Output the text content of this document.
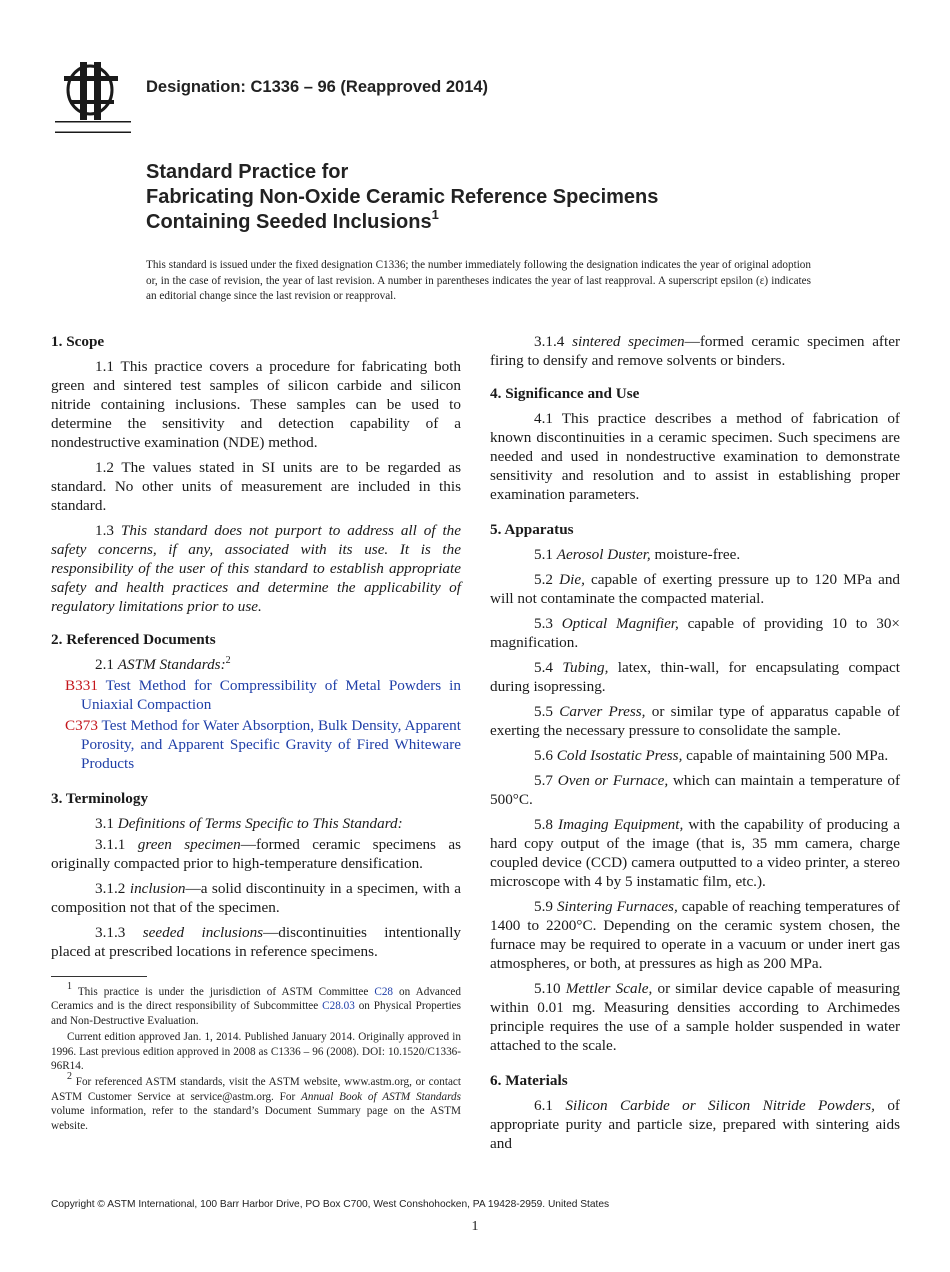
Designation: C1336 – 96 (Reapproved 2014)
Standard Practice for
Fabricating Non-Oxide Ceramic Reference Specimens
Containing Seeded Inclusions$^1$
This standard is issued under the fixed designation C1336; the number immediately following the designation indicates the year of original adoption or, in the case of revision, the year of last revision. A number in parentheses indicates the year of last reapproval. A superscript epsilon (ε) indicates an editorial change since the last revision or reapproval.
1. Scope

1.1 This practice covers a procedure for fabricating both green and sintered test samples of silicon carbide and silicon nitride containing inclusions. These samples can be used to determine the sensitivity and detection capability of a nondestructive examination (NDE) method.

1.2 The values stated in SI units are to be regarded as standard. No other units of measurement are included in this standard.

1.3 This standard does not purport to address all of the safety concerns, if any, associated with its use. It is the responsibility of the user of this standard to establish appropriate safety and health practices and determine the applicability of regulatory limitations prior to use.

2. Referenced Documents

2.1 ASTM Standards:$^2$

B331 Test Method for Compressibility of Metal Powders in Uniaxial Compaction
C373 Test Method for Water Absorption, Bulk Density, Apparent Porosity, and Apparent Specific Gravity of Fired Whiteware Products
3. Terminology

3.1 Definitions of Terms Specific to This Standard:

3.1.1 green specimen—formed ceramic specimens as originally compacted prior to high-temperature densification.

3.1.2 inclusion—a solid discontinuity in a specimen, with a composition not that of the specimen.

3.1.3 seeded inclusions—discontinuities intentionally placed at prescribed locations in reference specimens.

$^1$ This practice is under the jurisdiction of ASTM Committee C28 on Advanced Ceramics and is the direct responsibility of Subcommittee C28.03 on Physical Properties and Non-Destructive Evaluation.

Current edition approved Jan. 1, 2014. Published January 2014. Originally approved in 1996. Last previous edition approved in 2008 as C1336 – 96 (2008). DOI: 10.1520/C1336-96R14.

$^2$ For referenced ASTM standards, visit the ASTM website, www.astm.org, or contact ASTM Customer Service at service@astm.org. For Annual Book of ASTM Standards volume information, refer to the standard’s Document Summary page on the ASTM website.

3.1.4 sintered specimen—formed ceramic specimen after firing to densify and remove solvents or binders.

4. Significance and Use

4.1 This practice describes a method of fabrication of known discontinuities in a ceramic specimen. Such specimens are needed and used in nondestructive examination to demonstrate sensitivity and resolution and to assist in establishing proper examination parameters.

5. Apparatus

5.1 Aerosol Duster, moisture-free.

5.2 Die, capable of exerting pressure up to 120 MPa and will not contaminate the compacted material.

5.3 Optical Magnifier, capable of providing 10 to 30× magnification.

5.4 Tubing, latex, thin-wall, for encapsulating compact during isopressing.

5.5 Carver Press, or similar type of apparatus capable of exerting the necessary pressure to consolidate the sample.

5.6 Cold Isostatic Press, capable of maintaining 500 MPa.

5.7 Oven or Furnace, which can maintain a temperature of 500°C.

5.8 Imaging Equipment, with the capability of producing a hard copy output of the image (that is, 35 mm camera, charge coupled device (CCD) camera outputted to a video printer, a stereo microscope with 4 by 5 instamatic film, etc.).

5.9 Sintering Furnaces, capable of reaching temperatures of 1400 to 2200°C. Depending on the ceramic system chosen, the furnace may be required to operate in a vacuum or under inert gas atmospheres, or both, at pressures as high as 200 MPa.

5.10 Mettler Scale, or similar device capable of measuring within 0.01 mg. Measuring densities according to Archimedes principle requires the use of a sample holder suspended in water attached to the scale.

6. Materials

6.1 Silicon Carbide or Silicon Nitride Powders, of appropriate purity and particle size, prepared with sintering aids and

Copyright © ASTM International, 100 Barr Harbor Drive, PO Box C700, West Conshohocken, PA 19428-2959. United States
1
